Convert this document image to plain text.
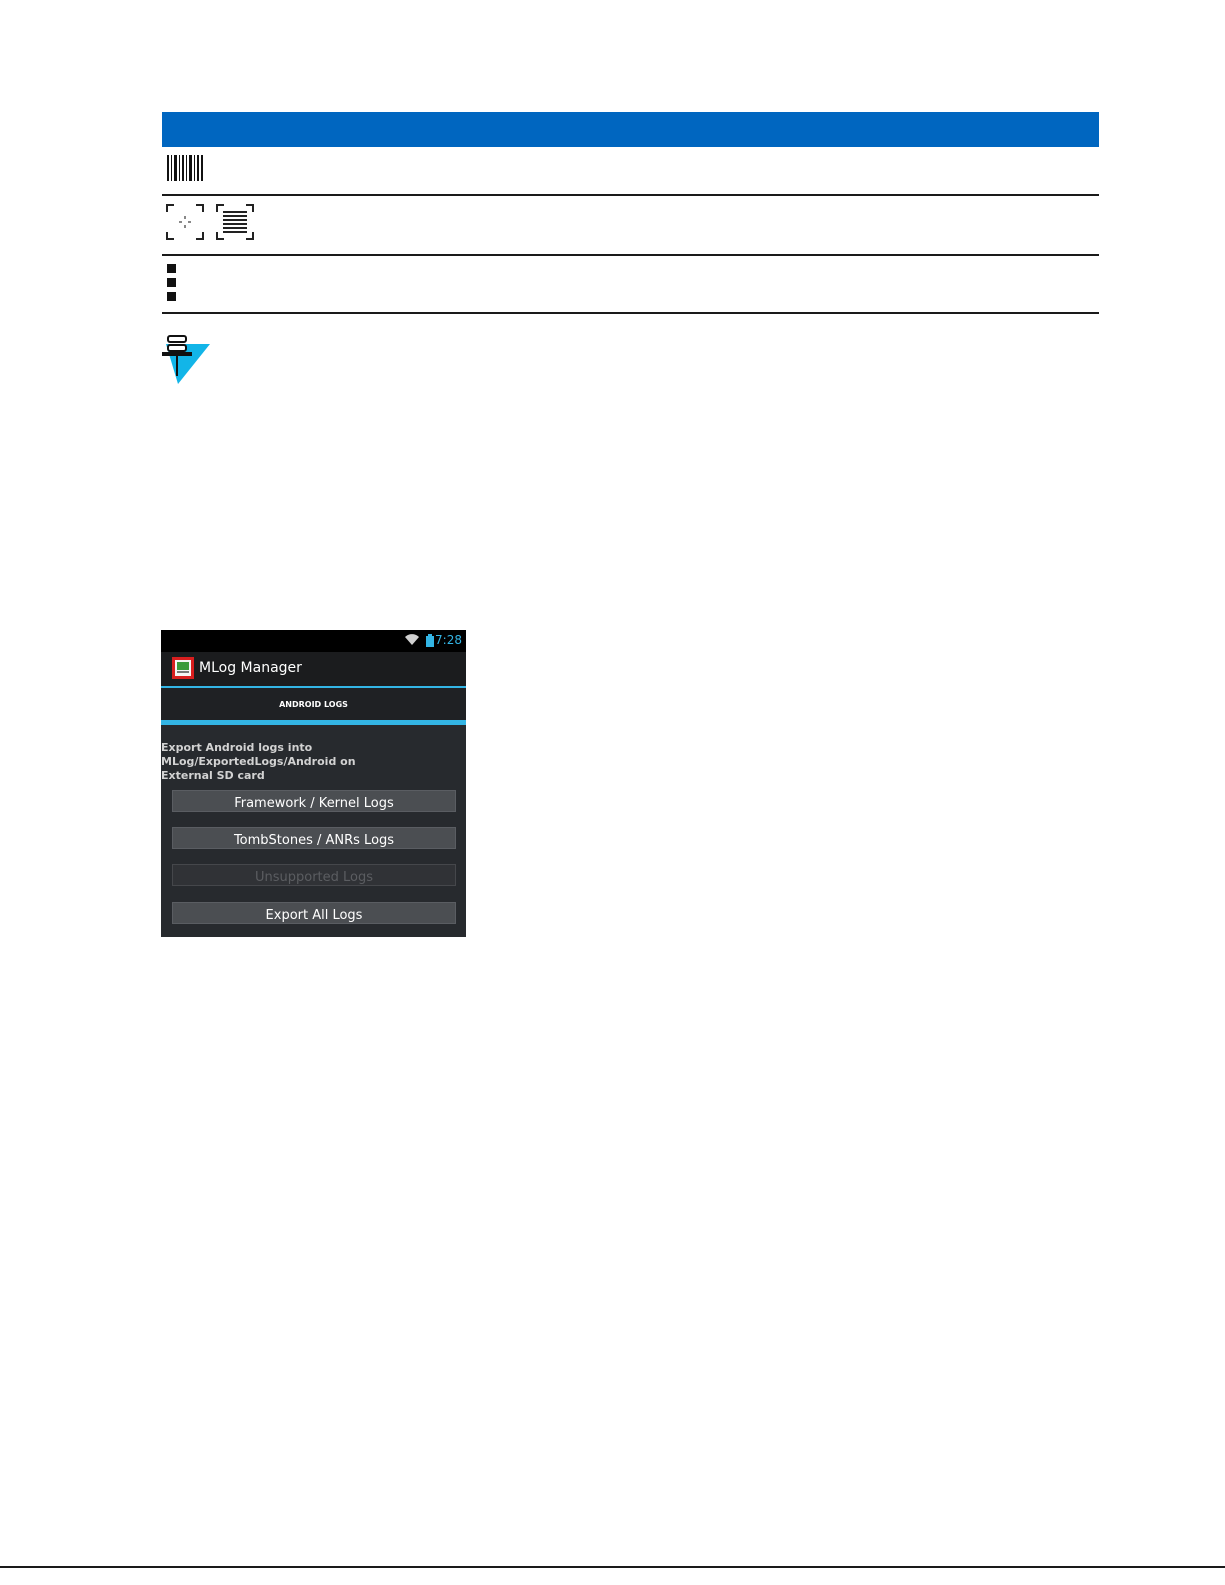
7:28
MLog Manager
ANDROID LOGS
Export Android logs into MLog/ExportedLogs/Android on
External SD card
Framework / Kernel Logs
TombStones / ANRs Logs
Unsupported Logs
Export All Logs
